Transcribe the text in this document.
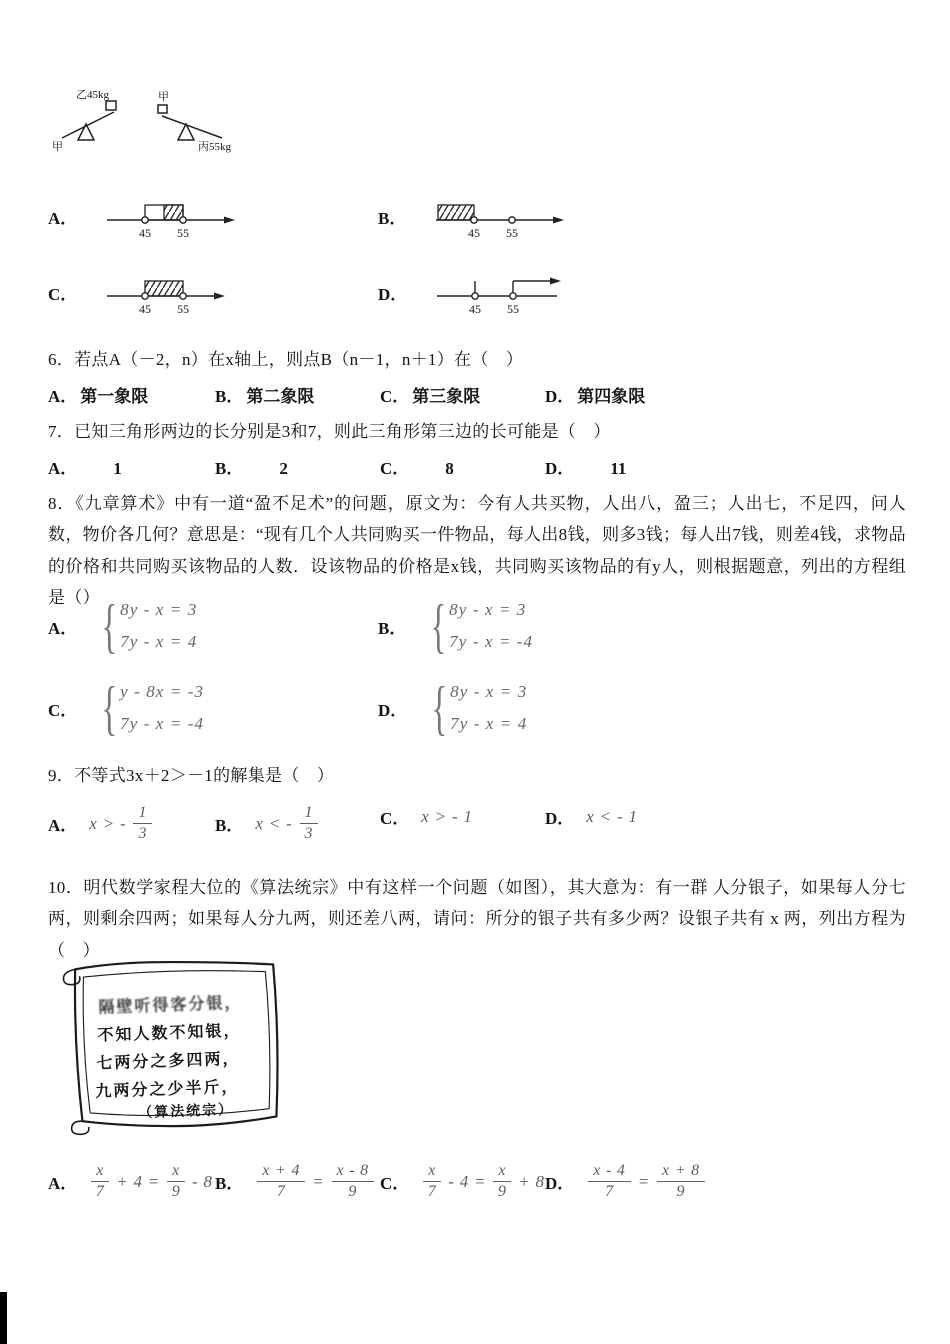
乙45kg
甲
甲
丙55kg
A．
45 55
B．
45 55
C．
45 55
D．
45 55
6．若点A（－2，n）在x轴上，则点B（n－1，n＋1）在（　）
A． 第一象限	B． 第二象限	C． 第三象限	D． 第四象限
7．已知三角形两边的长分别是3和7，则此三角形第三边的长可能是（　）
A． 1	B． 2	C． 8	D． 11
8．《九章算术》中有一道“盈不足术”的问题，原文为：今有人共买物，人出八，盈三；人出七，不足四，问人数，物价各几何？意思是：“现有几个人共同购买一件物品，每人出8钱，则多3钱；每人出7钱，则差4钱，求物品的价格和共同购买该物品的人数．设该物品的价格是x钱，共同购买该物品的有y人，则根据题意，列出的方程组是（）
A． { 8y - x = 3
7y - x = 4
B． { 8y - x = 3
7y - x = -4
C． { y - 8x = -3
7y - x = -4
D． { 8y - x = 3
7y - x = 4
9．不等式3x＋2＞－1的解集是（　）
A． x > - $\frac{1}{3}$	B． x < - $\frac{1}{3}$	C． x > - 1	D． x < - 1
10．明代数学家程大位的《算法统宗》中有这样一个问题（如图），其大意为：有一群 人分银子，如果每人分七两，则剩余四两；如果每人分九两，则还差八两，请问：所分的银子共有多少两？设银子共有 x 两，列出方程为（　）
隔壁听得客分银，
不知人数不知银，
七两分之多四两，
九两分之少半斤，
（算法统宗）
A． $\frac{x}{7} + 4 = \frac{x}{9} - 8$ B． $\frac{x + 4}{7} = \frac{x - 8}{9}$ C． $\frac{x}{7} - 4 = \frac{x}{9} + 8$ D． $\frac{x - 4}{7} = \frac{x + 8}{9}$
